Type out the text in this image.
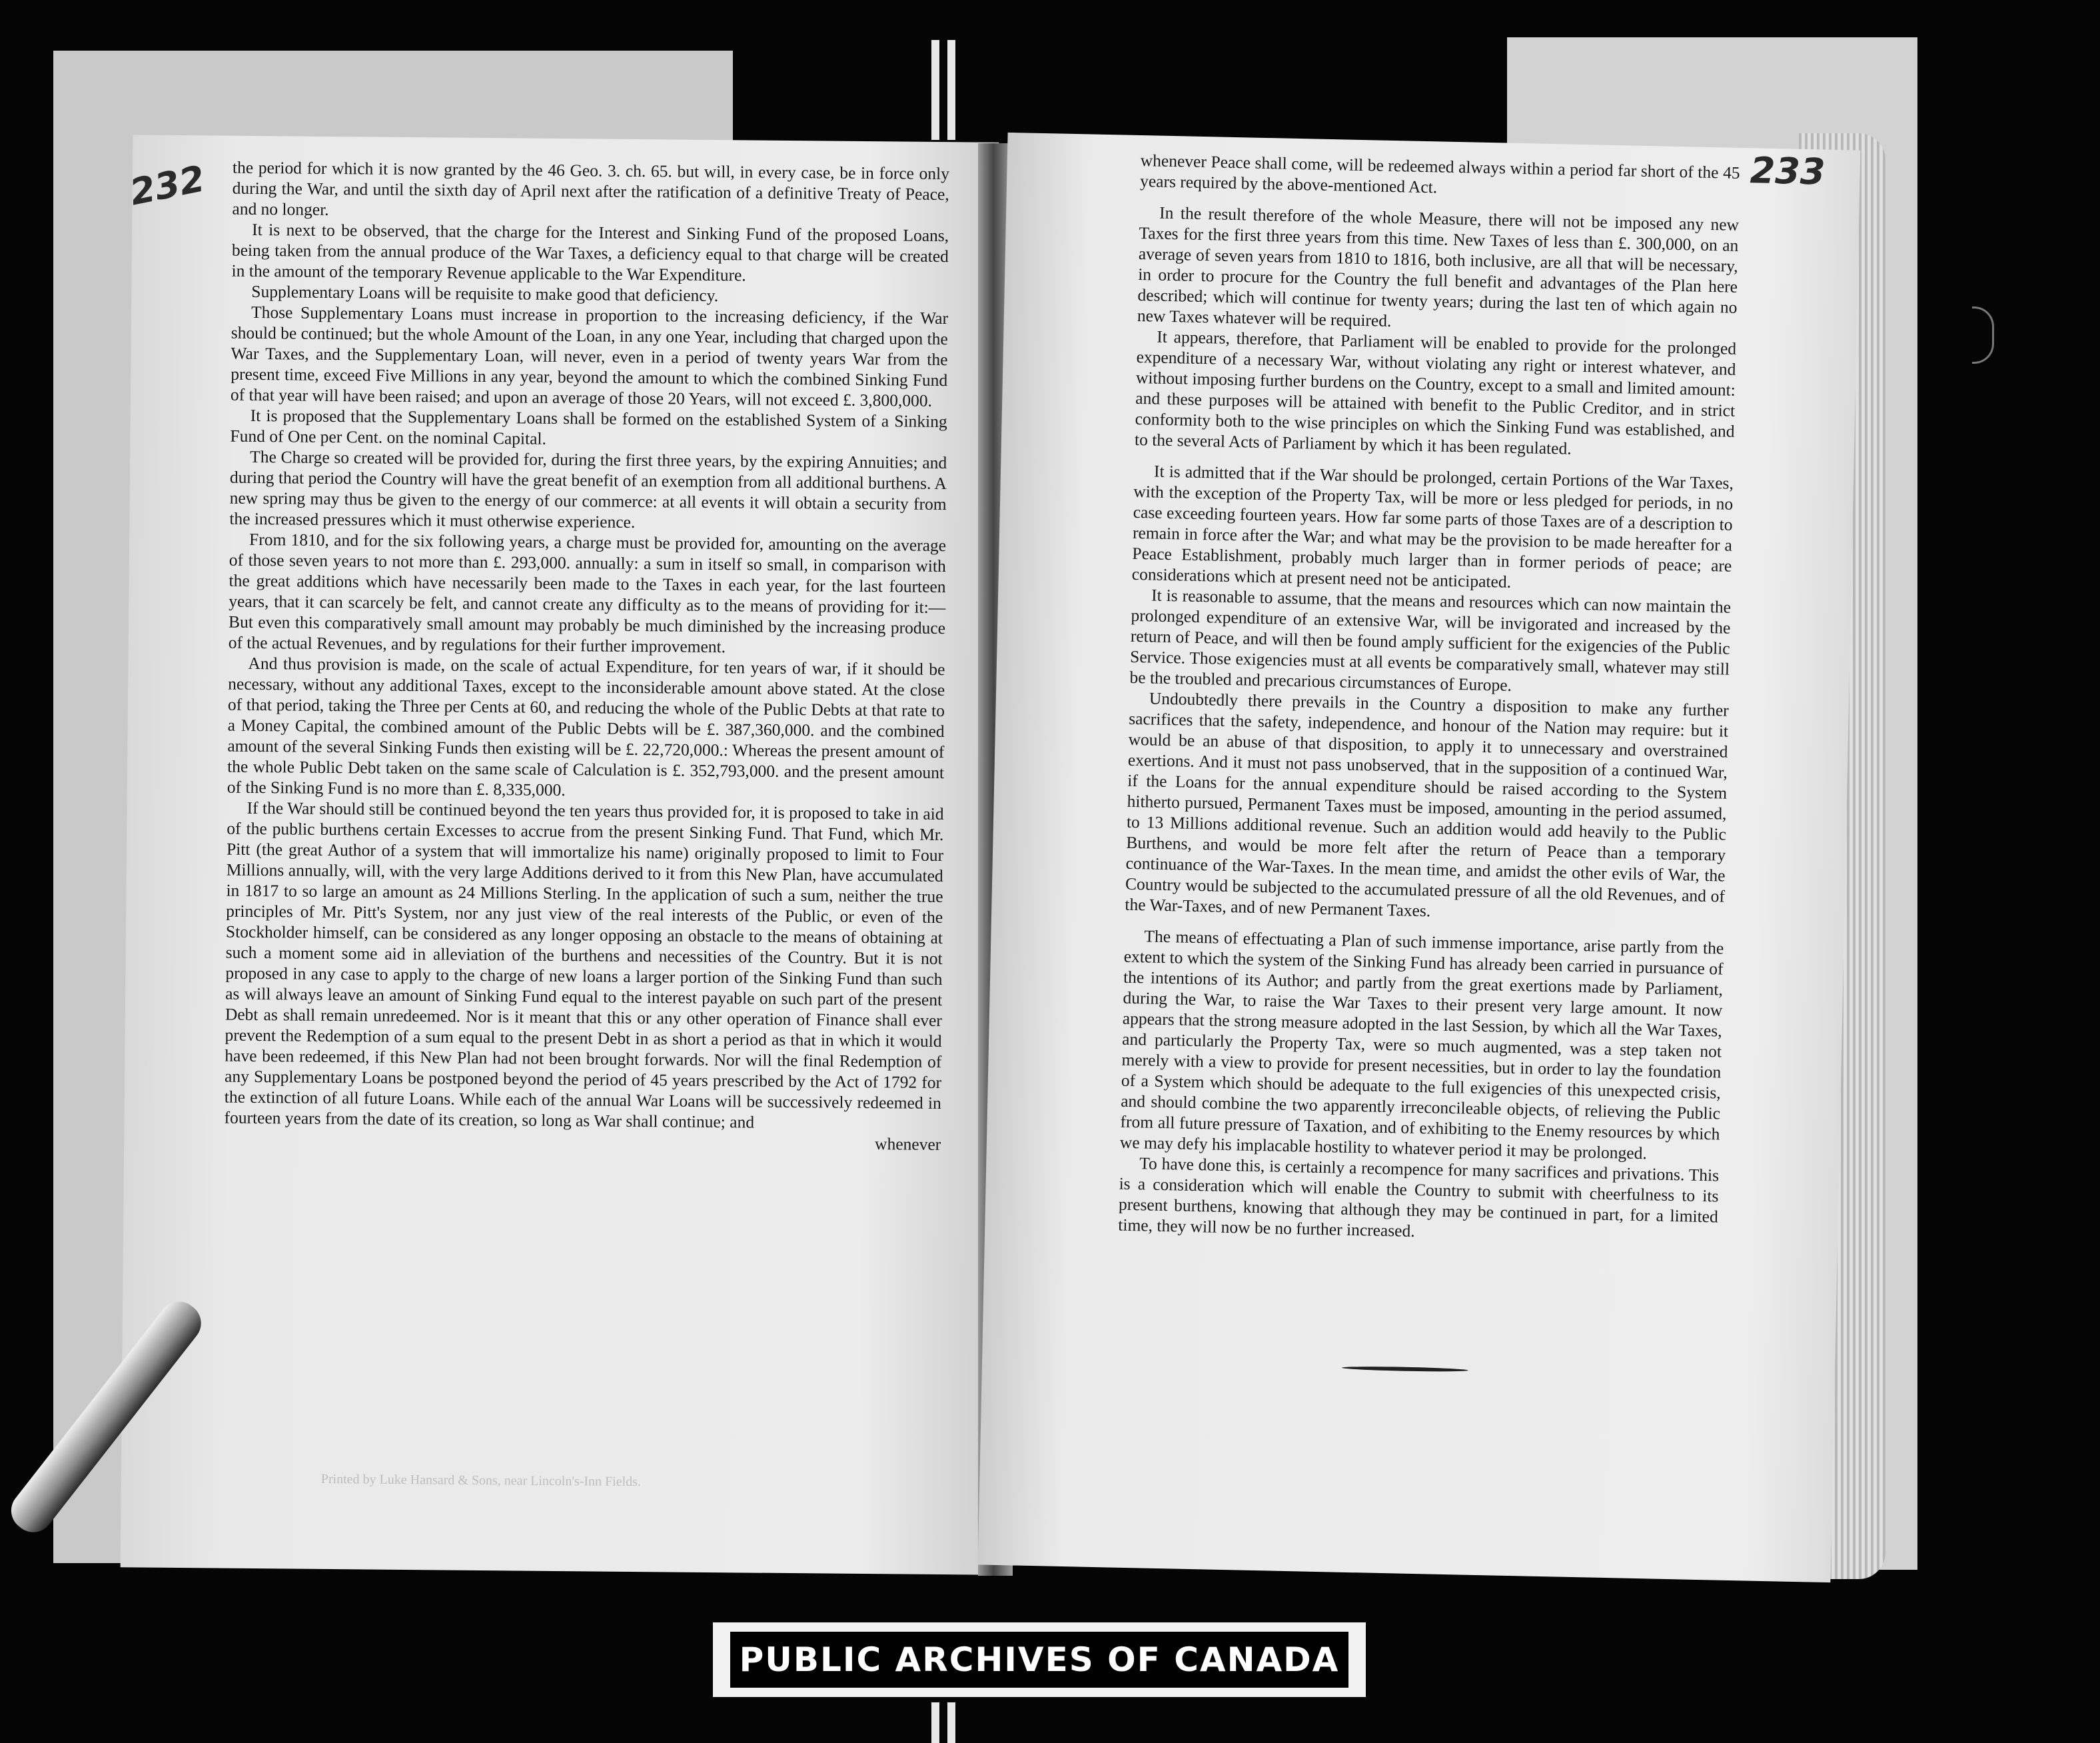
232 the period for which it is now granted by the 46 Geo. 3. ch. 65. but will, in every case, be in force only during the War, and until the sixth day of April next after the ratification of a definitive Treaty of Peace, and no longer.

It is next to be observed, that the charge for the Interest and Sinking Fund of the proposed Loans, being taken from the annual produce of the War Taxes, a deficiency equal to that charge will be created in the amount of the temporary Revenue applicable to the War Expenditure.

Supplementary Loans will be requisite to make good that deficiency.

Those Supplementary Loans must increase in proportion to the increasing deficiency, if the War should be continued; but the whole Amount of the Loan, in any one Year, including that charged upon the War Taxes, and the Supplementary Loan, will never, even in a period of twenty years War from the present time, exceed Five Millions in any year, beyond the amount to which the combined Sinking Fund of that year will have been raised; and upon an average of those 20 Years, will not exceed £. 3,800,000.

It is proposed that the Supplementary Loans shall be formed on the established System of a Sinking Fund of One per Cent. on the nominal Capital.

The Charge so created will be provided for, during the first three years, by the expiring Annuities; and during that period the Country will have the great benefit of an exemption from all additional burthens. A new spring may thus be given to the energy of our commerce: at all events it will obtain a security from the increased pressures which it must otherwise experience.

From 1810, and for the six following years, a charge must be provided for, amounting on the average of those seven years to not more than £. 293,000. annually: a sum in itself so small, in comparison with the great additions which have necessarily been made to the Taxes in each year, for the last fourteen years, that it can scarcely be felt, and cannot create any difficulty as to the means of providing for it:—But even this comparatively small amount may probably be much diminished by the increasing produce of the actual Revenues, and by regulations for their further improvement.

And thus provision is made, on the scale of actual Expenditure, for ten years of war, if it should be necessary, without any additional Taxes, except to the inconsiderable amount above stated. At the close of that period, taking the Three per Cents at 60, and reducing the whole of the Public Debts at that rate to a Money Capital, the combined amount of the Public Debts will be £. 387,360,000. and the combined amount of the several Sinking Funds then existing will be £. 22,720,000.: Whereas the present amount of the whole Public Debt taken on the same scale of Calculation is £. 352,793,000. and the present amount of the Sinking Fund is no more than £. 8,335,000.

If the War should still be continued beyond the ten years thus provided for, it is proposed to take in aid of the public burthens certain Excesses to accrue from the present Sinking Fund. That Fund, which Mr. Pitt (the great Author of a system that will immortalize his name) originally proposed to limit to Four Millions annually, will, with the very large Additions derived to it from this New Plan, have accumulated in 1817 to so large an amount as 24 Millions Sterling. In the application of such a sum, neither the true principles of Mr. Pitt's System, nor any just view of the real interests of the Public, or even of the Stockholder himself, can be considered as any longer opposing an obstacle to the means of obtaining at such a moment some aid in alleviation of the burthens and necessities of the Country. But it is not proposed in any case to apply to the charge of new loans a larger portion of the Sinking Fund than such as will always leave an amount of Sinking Fund equal to the interest payable on such part of the present Debt as shall remain unredeemed. Nor is it meant that this or any other operation of Finance shall ever prevent the Redemption of a sum equal to the present Debt in as short a period as that in which it would have been redeemed, if this New Plan had not been brought forwards. Nor will the final Redemption of any Supplementary Loans be postponed beyond the period of 45 years prescribed by the Act of 1792 for the extinction of all future Loans. While each of the annual War Loans will be successively redeemed in fourteen years from the date of its creation, so long as War shall continue; and

whenever

Printed by Luke Hansard & Sons, near Lincoln's-Inn Fields.
233

whenever Peace shall come, will be redeemed always within a period far short of the 45 years required by the above-mentioned Act.

In the result therefore of the whole Measure, there will not be imposed any new Taxes for the first three years from this time. New Taxes of less than £. 300,000, on an average of seven years from 1810 to 1816, both inclusive, are all that will be necessary, in order to procure for the Country the full benefit and advantages of the Plan here described; which will continue for twenty years; during the last ten of which again no new Taxes whatever will be required.

It appears, therefore, that Parliament will be enabled to provide for the prolonged expenditure of a necessary War, without violating any right or interest whatever, and without imposing further burdens on the Country, except to a small and limited amount: and these purposes will be attained with benefit to the Public Creditor, and in strict conformity both to the wise principles on which the Sinking Fund was established, and to the several Acts of Parliament by which it has been regulated.

It is admitted that if the War should be prolonged, certain Portions of the War Taxes, with the exception of the Property Tax, will be more or less pledged for periods, in no case exceeding fourteen years. How far some parts of those Taxes are of a description to remain in force after the War; and what may be the provision to be made hereafter for a Peace Establishment, probably much larger than in former periods of peace; are considerations which at present need not be anticipated.

It is reasonable to assume, that the means and resources which can now maintain the prolonged expenditure of an extensive War, will be invigorated and increased by the return of Peace, and will then be found amply sufficient for the exigencies of the Public Service. Those exigencies must at all events be comparatively small, whatever may still be the troubled and precarious circumstances of Europe.

Undoubtedly there prevails in the Country a disposition to make any further sacrifices that the safety, independence, and honour of the Nation may require: but it would be an abuse of that disposition, to apply it to unnecessary and overstrained exertions. And it must not pass unobserved, that in the supposition of a continued War, if the Loans for the annual expenditure should be raised according to the System hitherto pursued, Permanent Taxes must be imposed, amounting in the period assumed, to 13 Millions additional revenue. Such an addition would add heavily to the Public Burthens, and would be more felt after the return of Peace than a temporary continuance of the War-Taxes. In the mean time, and amidst the other evils of War, the Country would be subjected to the accumulated pressure of all the old Revenues, and of the War-Taxes, and of new Permanent Taxes.

The means of effectuating a Plan of such immense importance, arise partly from the extent to which the system of the Sinking Fund has already been carried in pursuance of the intentions of its Author; and partly from the great exertions made by Parliament, during the War, to raise the War Taxes to their present very large amount. It now appears that the strong measure adopted in the last Session, by which all the War Taxes, and particularly the Property Tax, were so much augmented, was a step taken not merely with a view to provide for present necessities, but in order to lay the foundation of a System which should be adequate to the full exigencies of this unexpected crisis, and should combine the two apparently irreconcileable objects, of relieving the Public from all future pressure of Taxation, and of exhibiting to the Enemy resources by which we may defy his implacable hostility to whatever period it may be prolonged.

To have done this, is certainly a recompence for many sacrifices and privations. This is a consideration which will enable the Country to submit with cheerfulness to its present burthens, knowing that although they may be continued in part, for a limited time, they will now be no further increased.

PUBLIC ARCHIVES OF CANADA
